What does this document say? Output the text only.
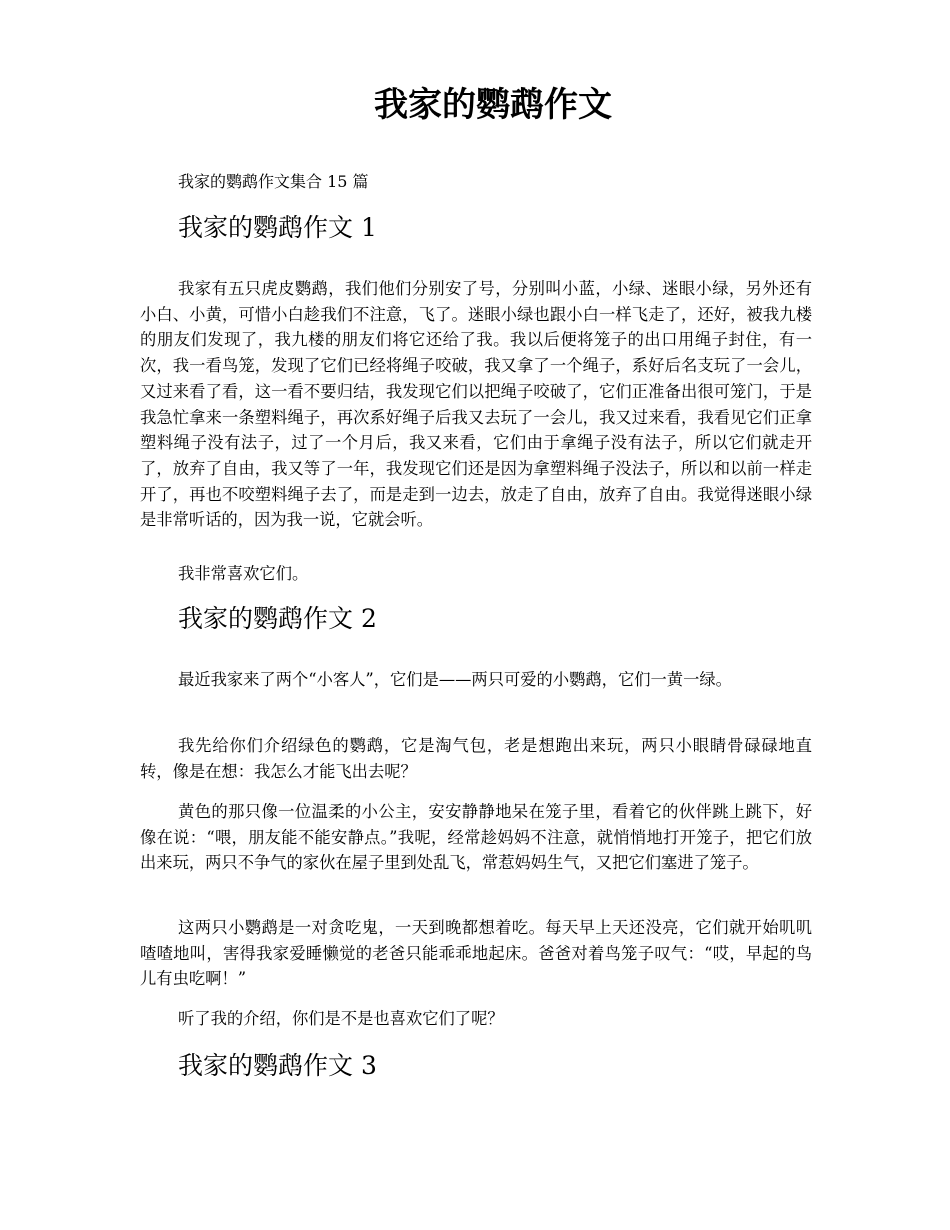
我家的鹦鹉作文

我家的鹦鹉作文集合 15 篇

我家的鹦鹉作文 1

我家有五只虎皮鹦鹉，我们他们分别安了号，分别叫小蓝，小绿、迷眼小绿，另外还有小白、小黄，可惜小白趁我们不注意，飞了。迷眼小绿也跟小白一样飞走了，还好，被我九楼的朋友们发现了，我九楼的朋友们将它还给了我。我以后便将笼子的出口用绳子封住，有一次，我一看鸟笼，发现了它们已经将绳子咬破，我又拿了一个绳子，系好后名支玩了一会儿，又过来看了看，这一看不要归结，我发现它们以把绳子咬破了，它们正准备出很可笼门，于是我急忙拿来一条塑料绳子，再次系好绳子后我又去玩了一会儿，我又过来看，我看见它们正拿塑料绳子没有法子，过了一个月后，我又来看，它们由于拿绳子没有法子，所以它们就走开了，放弃了自由，我又等了一年，我发现它们还是因为拿塑料绳子没法子，所以和以前一样走开了，再也不咬塑料绳子去了，而是走到一边去，放走了自由，放弃了自由。我觉得迷眼小绿是非常听话的，因为我一说，它就会听。

我非常喜欢它们。

我家的鹦鹉作文 2

最近我家来了两个“小客人”，它们是——两只可爱的小鹦鹉，它们一黄一绿。

我先给你们介绍绿色的鹦鹉，它是淘气包，老是想跑出来玩，两只小眼睛骨碌碌地直转，像是在想：我怎么才能飞出去呢？

黄色的那只像一位温柔的小公主，安安静静地呆在笼子里，看着它的伙伴跳上跳下，好像在说：“喂，朋友能不能安静点。”我呢，经常趁妈妈不注意，就悄悄地打开笼子，把它们放出来玩，两只不争气的家伙在屋子里到处乱飞，常惹妈妈生气，又把它们塞进了笼子。

这两只小鹦鹉是一对贪吃鬼，一天到晚都想着吃。每天早上天还没亮，它们就开始叽叽喳喳地叫，害得我家爱睡懒觉的老爸只能乖乖地起床。爸爸对着鸟笼子叹气：“哎，早起的鸟儿有虫吃啊！”

听了我的介绍，你们是不是也喜欢它们了呢？

我家的鹦鹉作文 3
